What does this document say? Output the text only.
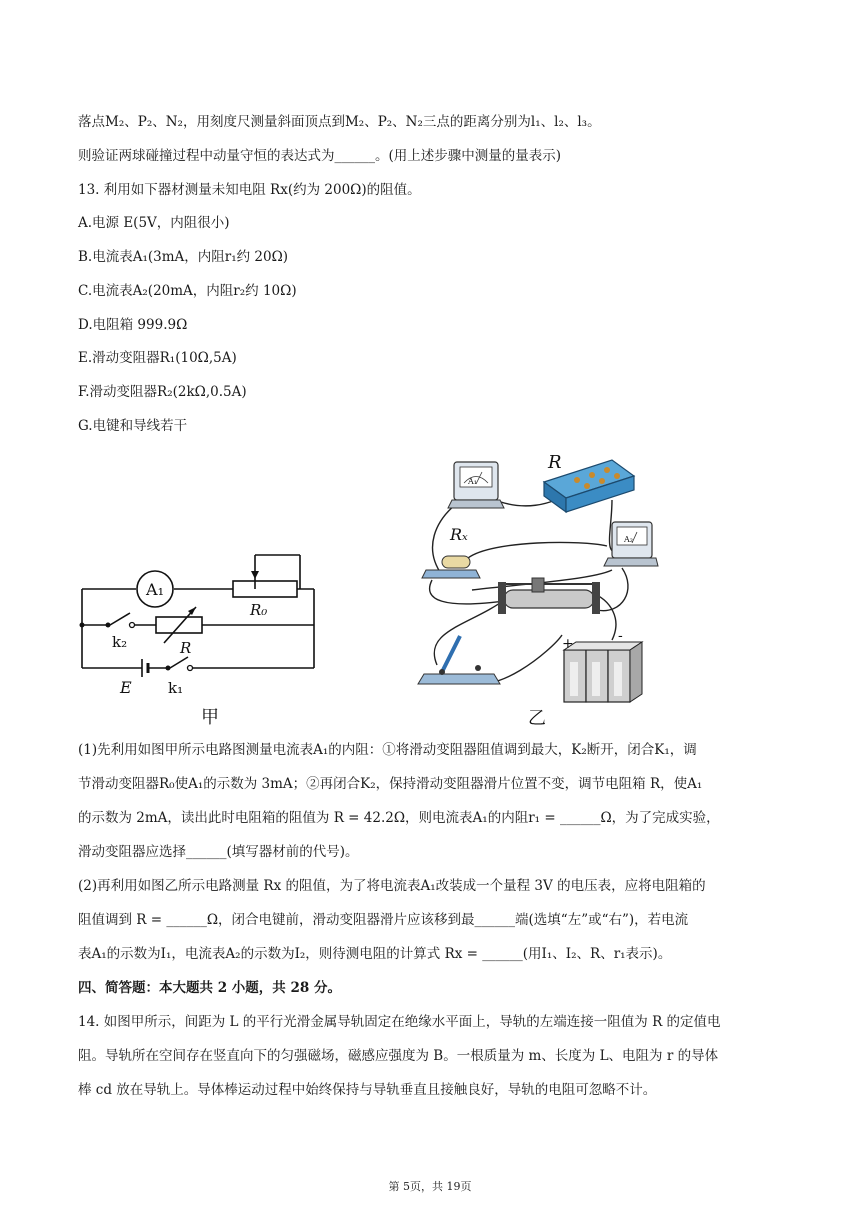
落点M₂、P₂、N₂，用刻度尺测量斜面顶点到M₂、P₂、N₂三点的距离分别为l₁、l₂、l₃。
则验证两球碰撞过程中动量守恒的表达式为______。(用上述步骤中测量的量表示)
13. 利用如下器材测量未知电阻 Rx(约为 200Ω)的阻值。
A.电源 E(5V，内阻很小)
B.电流表A₁(3mA，内阻r₁约 20Ω)
C.电流表A₂(20mA，内阻r₂约 10Ω)
D.电阻箱 999.9Ω
E.滑动变阻器R₁(10Ω,5A)
F.滑动变阻器R₂(2kΩ,0.5A)
G.电键和导线若干
A₁
R₀
R
k₂
k₁
E
甲
A₁
R
A₂
Rₓ
+	-
乙
(1)先利用如图甲所示电路图测量电流表A₁的内阻：①将滑动变阻器阻值调到最大，K₂断开，闭合K₁，调
节滑动变阻器R₀使A₁的示数为 3mA；②再闭合K₂，保持滑动变阻器滑片位置不变，调节电阻箱 R，使A₁
的示数为 2mA，读出此时电阻箱的阻值为 R = 42.2Ω，则电流表A₁的内阻r₁ = ______Ω，为了完成实验，
滑动变阻器应选择______(填写器材前的代号)。
(2)再利用如图乙所示电路测量 Rx 的阻值，为了将电流表A₁改装成一个量程 3V 的电压表，应将电阻箱的
阻值调到 R = ______Ω，闭合电键前，滑动变阻器滑片应该移到最______端(选填“左”或“右”)，若电流
表A₁的示数为I₁，电流表A₂的示数为I₂，则待测电阻的计算式 Rx = ______(用I₁、I₂、R、r₁表示)。
四、简答题：本大题共 2 小题，共 28 分。
14. 如图甲所示，间距为 L 的平行光滑金属导轨固定在绝缘水平面上，导轨的左端连接一阻值为 R 的定值电
阻。导轨所在空间存在竖直向下的匀强磁场，磁感应强度为 B。一根质量为 m、长度为 L、电阻为 r 的导体
棒 cd 放在导轨上。导体棒运动过程中始终保持与导轨垂直且接触良好，导轨的电阻可忽略不计。
第 5页，共 19页
